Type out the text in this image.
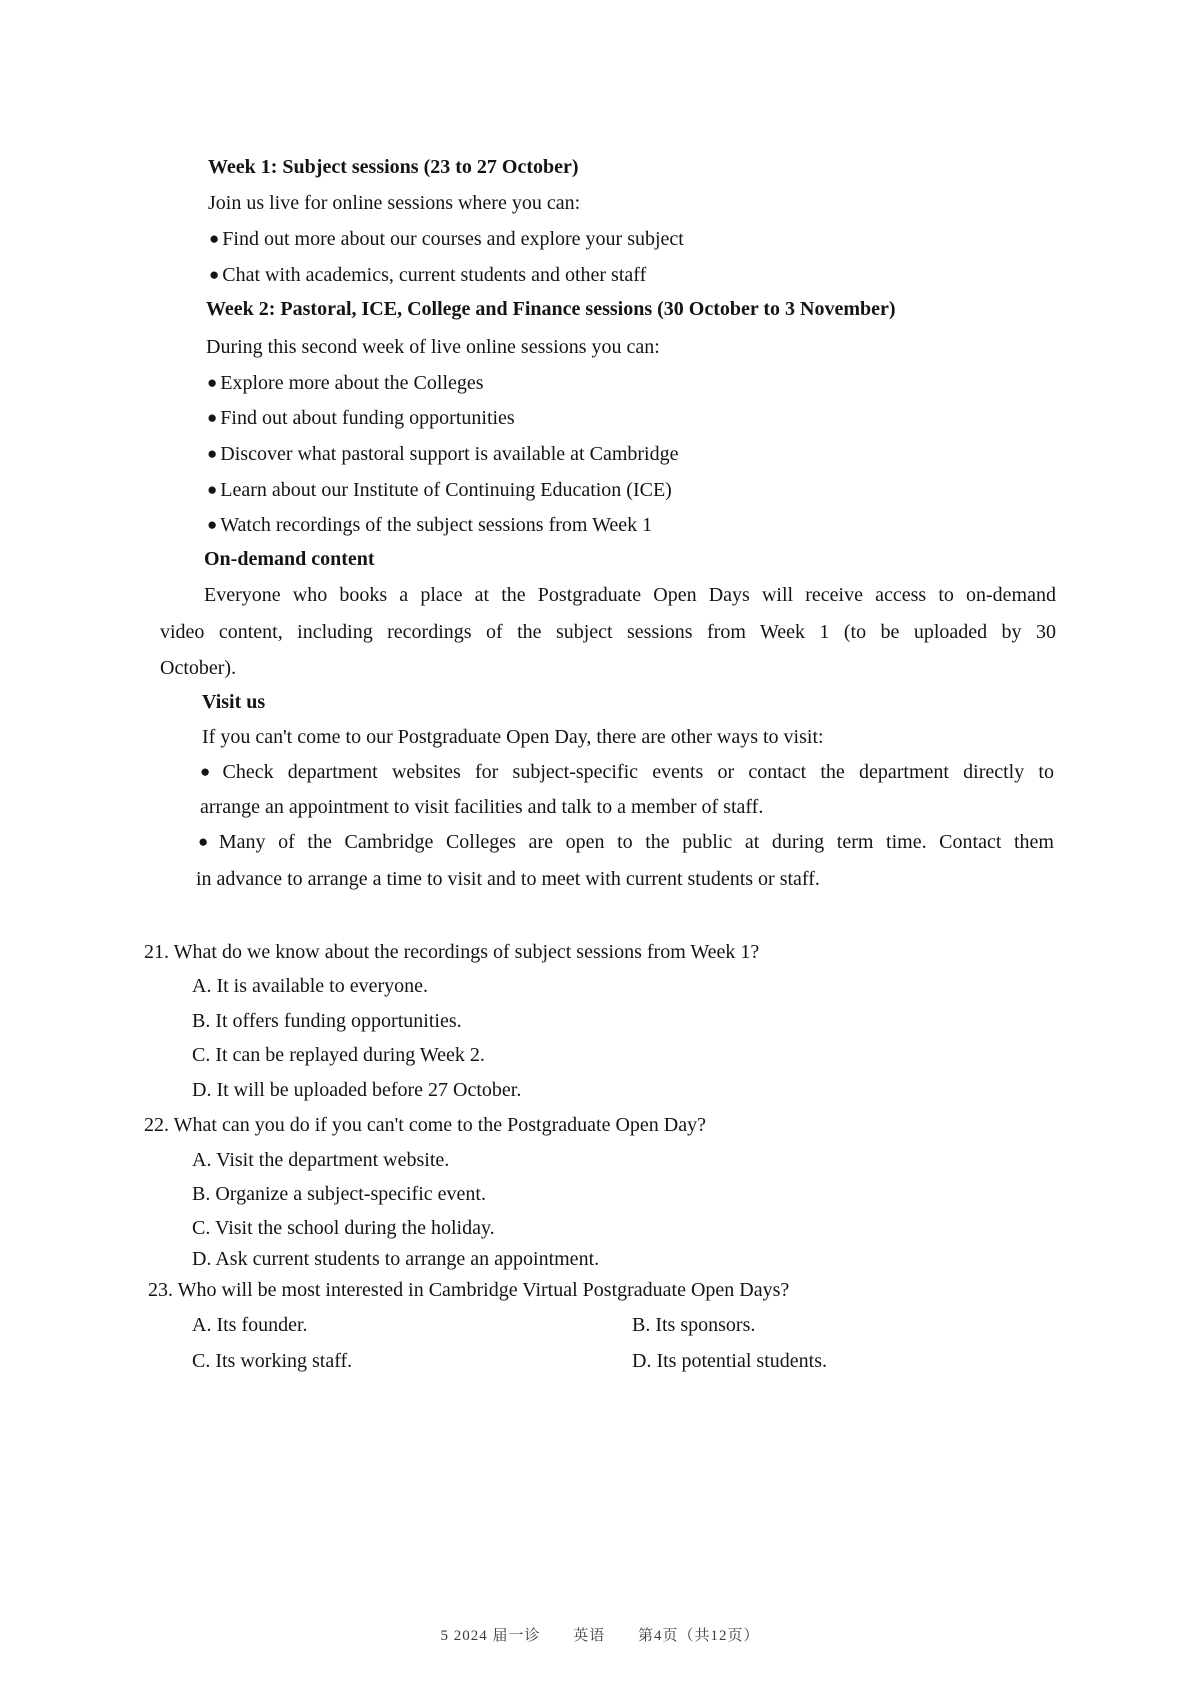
Week 1: Subject sessions (23 to 27 October)
Join us live for online sessions where you can:
● Find out more about our courses and explore your subject
● Chat with academics, current students and other staff
Week 2: Pastoral, ICE, College and Finance sessions (30 October to 3 November)
During this second week of live online sessions you can:
● Explore more about the Colleges
● Find out about funding opportunities
● Discover what pastoral support is available at Cambridge
● Learn about our Institute of Continuing Education (ICE)
● Watch recordings of the subject sessions from Week 1
On-demand content
Everyone who books a place at the Postgraduate Open Days will receive access to on-demand
video content, including recordings of the subject sessions from Week 1 (to be uploaded by 30
October).
Visit us
If you can't come to our Postgraduate Open Day, there are other ways to visit:
● Check department websites for subject-specific events or contact the department directly to
arrange an appointment to visit facilities and talk to a member of staff.
● Many of the Cambridge Colleges are open to the public at during term time. Contact them
in advance to arrange a time to visit and to meet with current students or staff.
21. What do we know about the recordings of subject sessions from Week 1?
A. It is available to everyone.
B. It offers funding opportunities.
C. It can be replayed during Week 2.
D. It will be uploaded before 27 October.
22. What can you do if you can't come to the Postgraduate Open Day?
A. Visit the department website.
B. Organize a subject-specific event.
C. Visit the school during the holiday.
D. Ask current students to arrange an appointment.
23. Who will be most interested in Cambridge Virtual Postgraduate Open Days?
A. Its founder.	B. Its sponsors.
C. Its working staff.	D. Its potential students.
5 2024 届一诊 英语 第4页（共12页）
